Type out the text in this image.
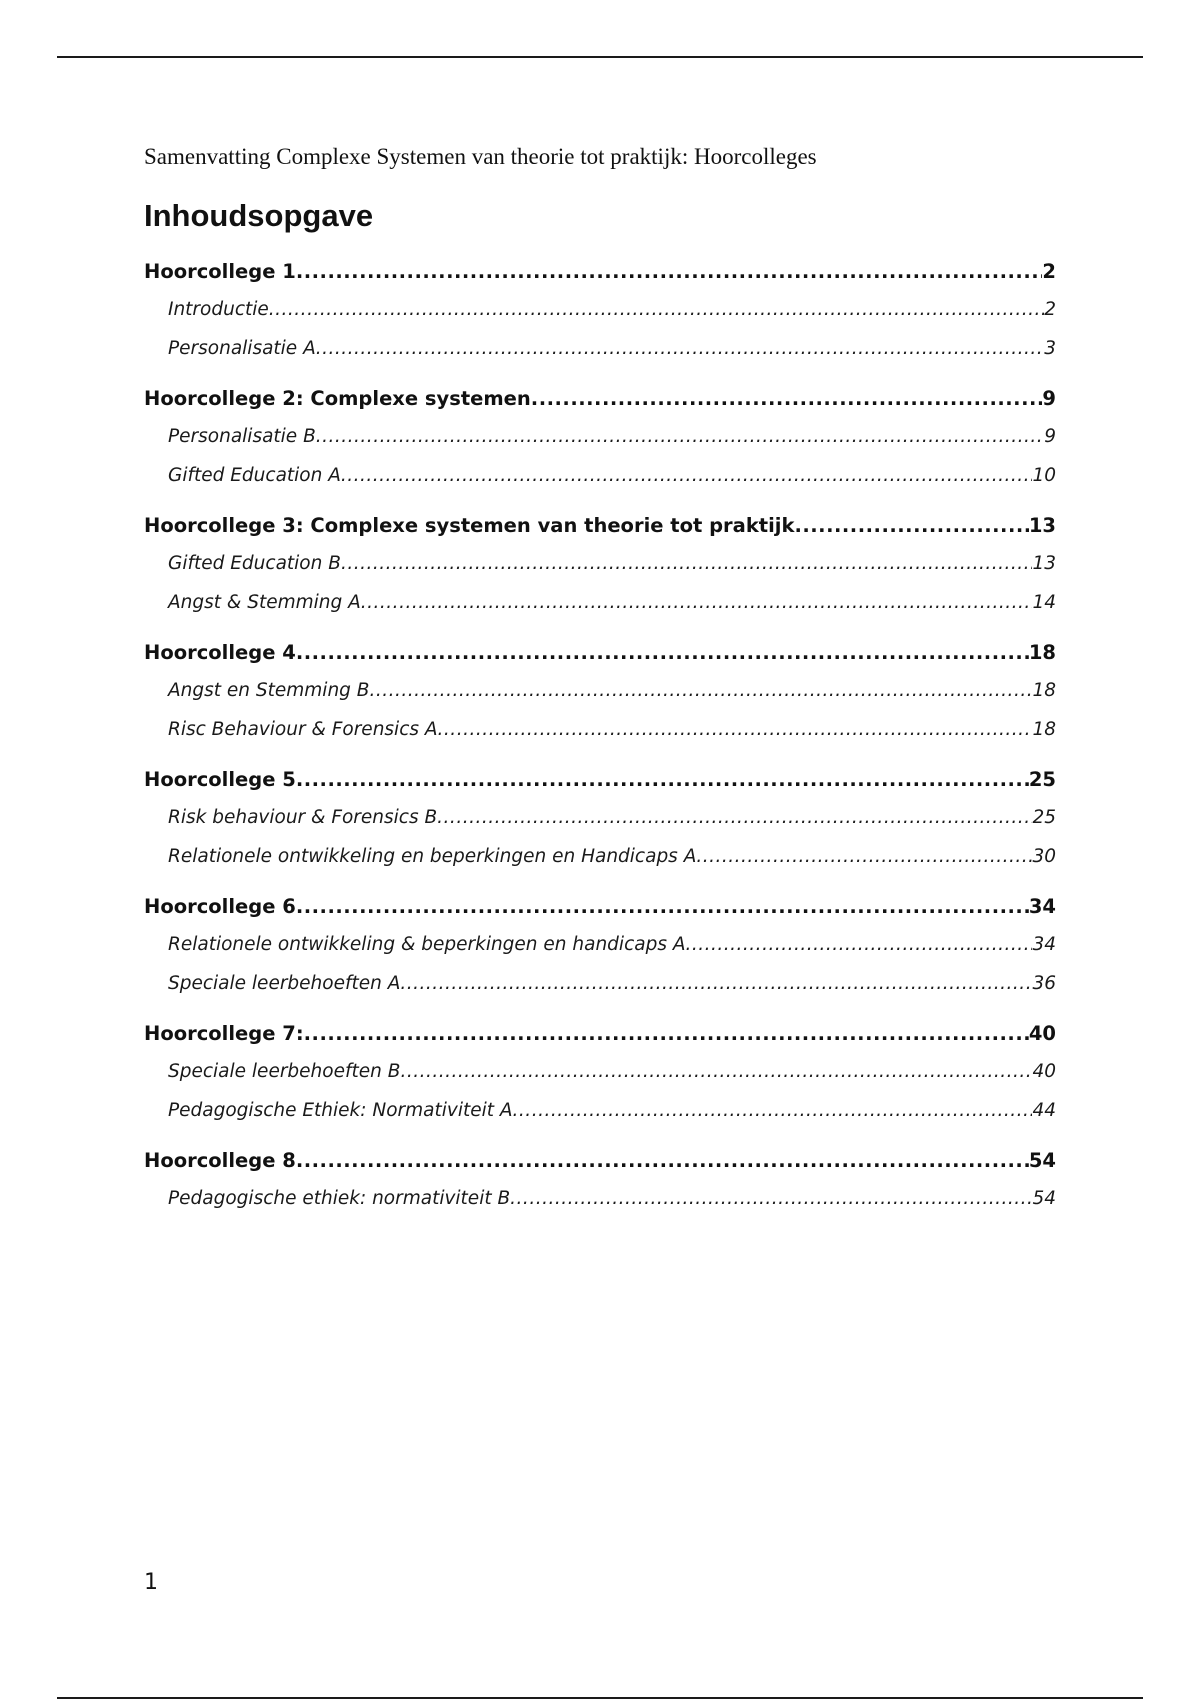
Samenvatting Complexe Systemen van theorie tot praktijk: Hoorcolleges
Inhoudsopgave
Hoorcollege 1 .....	2
Introductie .....	2
Personalisatie A .....	3
Hoorcollege 2: Complexe systemen .....	9
Personalisatie B .....	9
Gifted Education A .....	10
Hoorcollege 3: Complexe systemen van theorie tot praktijk .....	13
Gifted Education B .....	13
Angst & Stemming A .....	14
Hoorcollege 4 .....	18
Angst en Stemming B .....	18
Risc Behaviour & Forensics A .....	18
Hoorcollege 5 .....	25
Risk behaviour & Forensics B .....	25
Relationele ontwikkeling en beperkingen en Handicaps A .....	30
Hoorcollege 6 .....	34
Relationele ontwikkeling & beperkingen en handicaps A .....	34
Speciale leerbehoeften A .....	36
Hoorcollege 7: .....	40
Speciale leerbehoeften B .....	40
Pedagogische Ethiek: Normativiteit A .....	44
Hoorcollege 8 .....	54
Pedagogische ethiek: normativiteit B .....	54
1
